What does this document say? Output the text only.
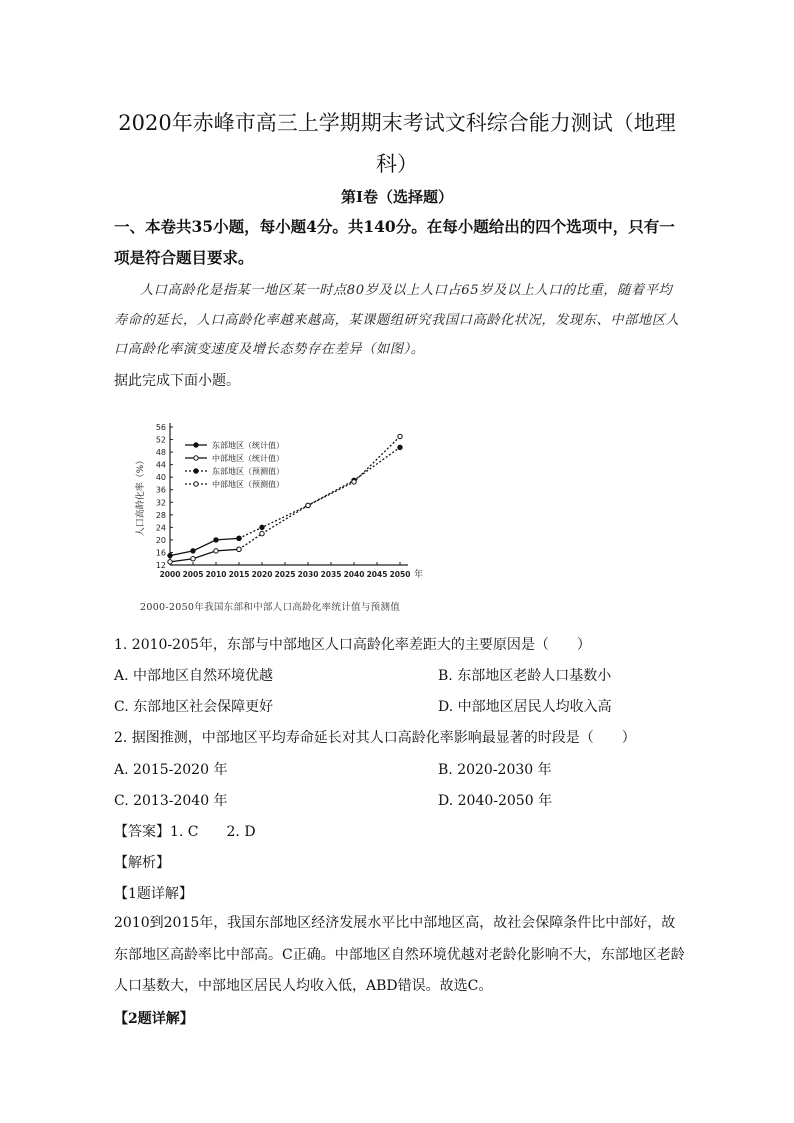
2020年赤峰市高三上学期期末考试文科综合能力测试（地理科）
第Ⅰ卷（选择题）
一、本卷共35小题，每小题4分。共140分。在每小题给出的四个选项中，只有一项是符合题目要求。
人口高龄化是指某一地区某一时点80岁及以上人口占65岁及以上人口的比重，随着平均寿命的延长，人口高龄化率越来越高，某课题组研究我国口高龄化状况，发现东、中部地区人口高龄化率演变速度及增长态势存在差异（如图）。
据此完成下面小题。
12
16
20
24
28
32
36
40
44
48
52
56
2000 2005 2010 2015 2020 2025 2030 2035 2040 2045 2050 年
人口高龄化率（%）
东部地区（统计值）
中部地区（统计值）
东部地区（预测值）
中部地区（预测值）
2000-2050年我国东部和中部人口高龄化率统计值与预测值
1. 2010-205年，东部与中部地区人口高龄化率差距大的主要原因是（　　）
A. 中部地区自然环境优越	B. 东部地区老龄人口基数小
C. 东部地区社会保障更好	D. 中部地区居民人均收入高
2. 据图推测，中部地区平均寿命延长对其人口高龄化率影响最显著的时段是（　　）
A. 2015-2020 年	B. 2020-2030 年
C. 2013-2040 年	D. 2040-2050 年
【答案】1. C　　2. D
【解析】
【1题详解】
2010到2015年，我国东部地区经济发展水平比中部地区高，故社会保障条件比中部好，故东部地区高龄率比中部高。C正确。中部地区自然环境优越对老龄化影响不大，东部地区老龄人口基数大，中部地区居民人均收入低，ABD错误。故选C。
【2题详解】
